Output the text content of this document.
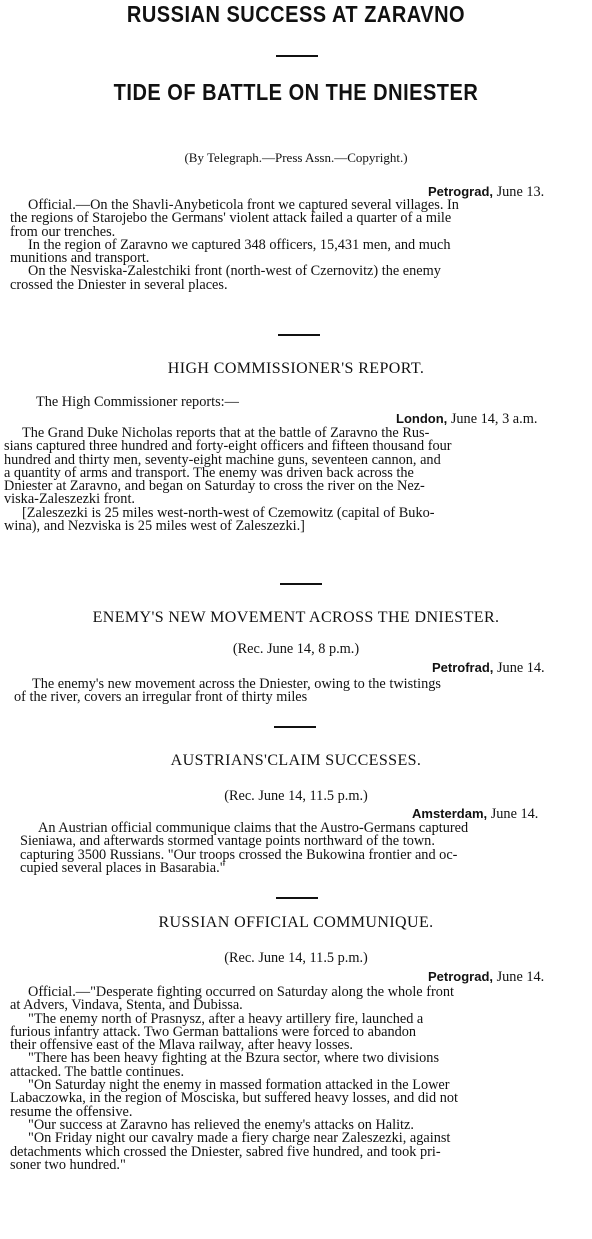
RUSSIAN SUCCESS AT ZARAVNO
TIDE OF BATTLE ON THE DNIESTER
(By Telegraph.—Press Assn.—Copyright.)
Petrograd, June 13.
Official.—On the Shavli-Anybeticola front we captured several villages. In
the regions of Starojebo the Germans' violent attack failed a quarter of a mile
from our trenches.
In the region of Zaravno we captured 348 officers, 15,431 men, and much
munitions and transport.
On the Nesviska-Zalestchiki front (north-west of Czernovitz) the enemy
crossed the Dniester in several places.
HIGH COMMISSIONER'S REPORT.
The High Commissioner reports:—
London, June 14, 3 a.m.
The Grand Duke Nicholas reports that at the battle of Zaravno the Rus-
sians captured three hundred and forty-eight officers and fifteen thousand four
hundred and thirty men, seventy-eight machine guns, seventeen cannon, and
a quantity of arms and transport. The enemy was driven back across the
Dniester at Zaravno, and began on Saturday to cross the river on the Nez-
viska-Zaleszezki front.
[Zaleszezki is 25 miles west-north-west of Czemowitz (capital of Buko-
wina), and Nezviska is 25 miles west of Zaleszezki.]
ENEMY'S NEW MOVEMENT ACROSS THE DNIESTER.
(Rec. June 14, 8 p.m.)
Petrofrad, June 14.
The enemy's new movement across the Dniester, owing to the twistings
of the river, covers an irregular front of thirty miles
AUSTRIANS'CLAIM SUCCESSES.
(Rec. June 14, 11.5 p.m.)
Amsterdam, June 14.
An Austrian official communique claims that the Austro-Germans captured
Sieniawa, and afterwards stormed vantage points northward of the town.
capturing 3500 Russians. "Our troops crossed the Bukowina frontier and oc-
cupied several places in Basarabia."
RUSSIAN OFFICIAL COMMUNIQUE.
(Rec. June 14, 11.5 p.m.)
Petrograd, June 14.
Official.—"Desperate fighting occurred on Saturday along the whole front
at Advers, Vindava, Stenta, and Dubissa.
"The enemy north of Prasnysz, after a heavy artillery fire, launched a
furious infantry attack. Two German battalions were forced to abandon
their offensive east of the Mlava railway, after heavy losses.
"There has been heavy fighting at the Bzura sector, where two divisions
attacked. The battle continues.
"On Saturday night the enemy in massed formation attacked in the Lower
Labaczowka, in the region of Mosciska, but suffered heavy losses, and did not
resume the offensive.
"Our success at Zaravno has relieved the enemy's attacks on Halitz.
"On Friday night our cavalry made a fiery charge near Zaleszezki, against
detachments which crossed the Dniester, sabred five hundred, and took pri-
soner two hundred."
